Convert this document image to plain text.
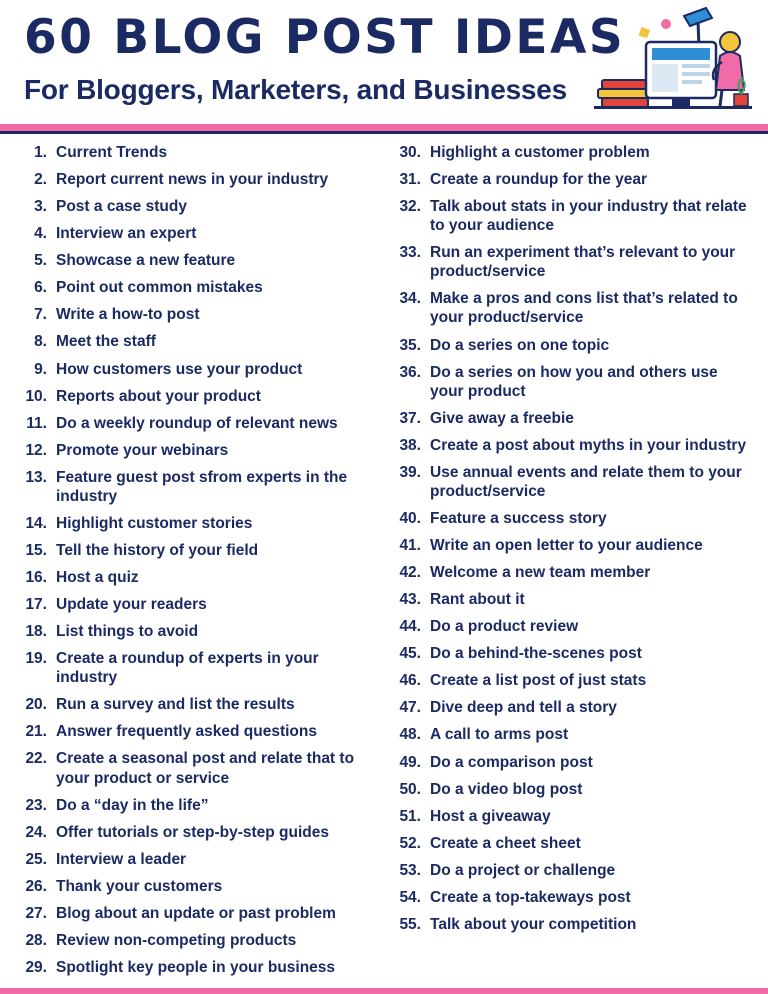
60 BLOG POST IDEAS
For Bloggers, Marketers, and Businesses
1. Current Trends
2. Report current news in your industry
3. Post a case study
4. Interview an expert
5. Showcase a new feature
6. Point out common mistakes
7. Write a how-to post
8. Meet the staff
9. How customers use your product
10. Reports about your product
11. Do a weekly roundup of relevant news
12. Promote your webinars
13. Feature guest post sfrom experts in the industry
14. Highlight customer stories
15. Tell the history of your field
16. Host a quiz
17. Update your readers
18. List things to avoid
19. Create a roundup of experts in your industry
20. Run a survey and list the results
21. Answer frequently asked questions
22. Create a seasonal post and relate that to your product or service
23. Do a “day in the life”
24. Offer tutorials or step-by-step guides
25. Interview a leader
26. Thank your customers
27. Blog about an update or past problem
28. Review non-competing products
29. Spotlight key people in your business
30. Highlight a customer problem
31. Create a roundup for the year
32. Talk about stats in your industry that relate to your audience
33. Run an experiment that’s relevant to your product/service
34. Make a pros and cons list that’s related to your product/service
35. Do a series on one topic
36. Do a series on how you and others use your product
37. Give away a freebie
38. Create a post about myths in your industry
39. Use annual events and relate them to your product/service
40. Feature a success story
41. Write an open letter to your audience
42. Welcome a new team member
43. Rant about it
44. Do a product review
45. Do a behind-the-scenes post
46. Create a list post of just stats
47. Dive deep and tell a story
48. A call to arms post
49. Do a comparison post
50. Do a video blog post
51. Host a giveaway
52. Create a cheet sheet
53. Do a project or challenge
54. Create a top-takeways post
55. Talk about your competition
